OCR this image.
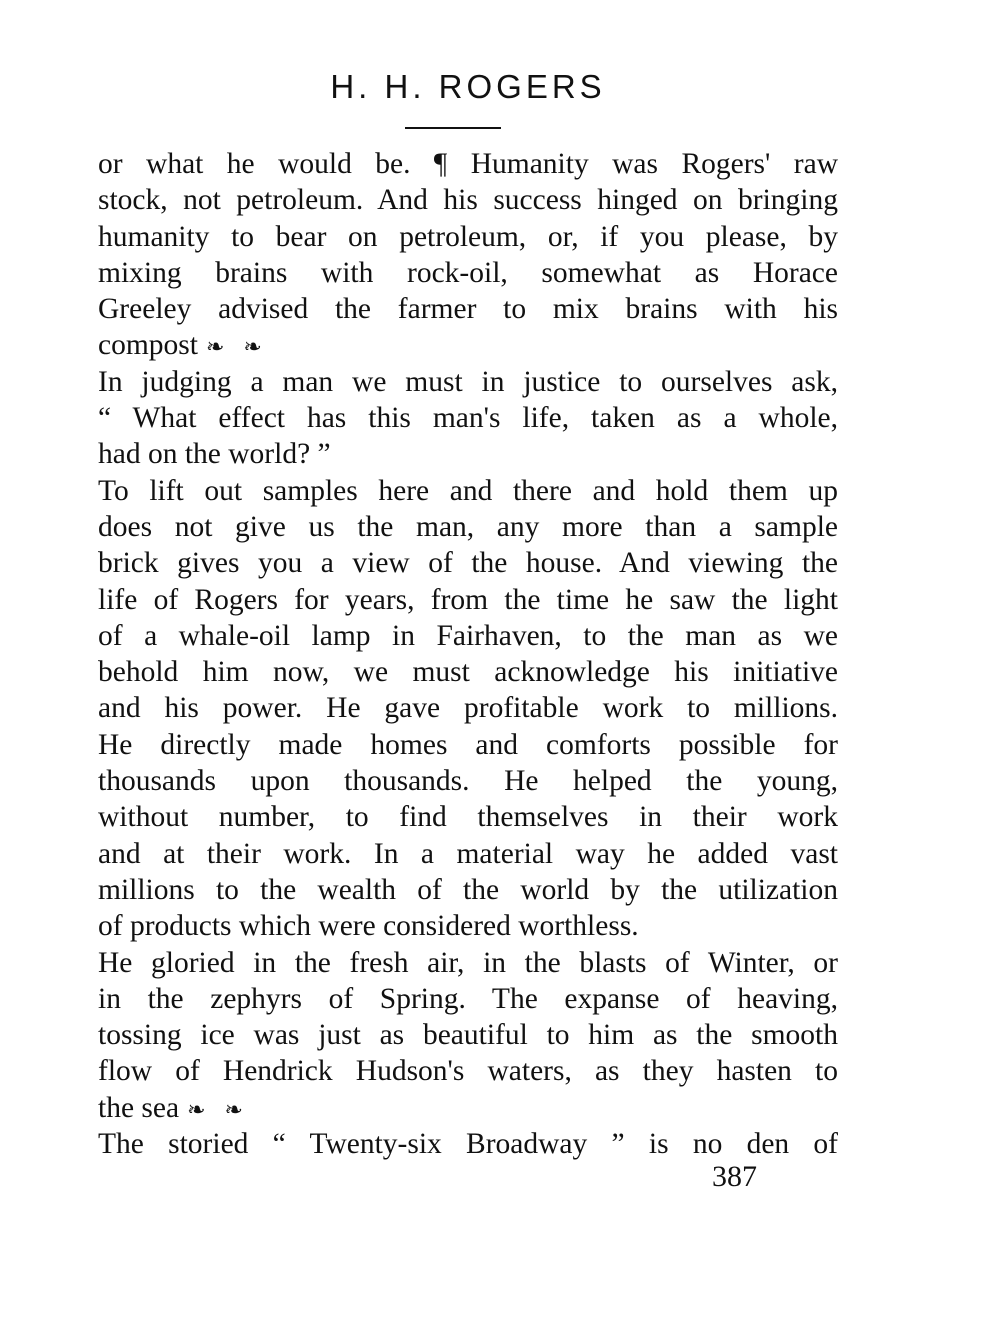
H. H. ROGERS
or what he would be. ¶ Humanity was Rogers' raw
stock, not petroleum. And his success hinged on bringing
humanity to bear on petroleum, or, if you please, by
mixing brains with rock-oil, somewhat as Horace
Greeley advised the farmer to mix brains with his
compost ❧ ❧
In judging a man we must in justice to ourselves ask,
“ What effect has this man's life, taken as a whole,
had on the world? ”
To lift out samples here and there and hold them up
does not give us the man, any more than a sample
brick gives you a view of the house. And viewing the
life of Rogers for years, from the time he saw the light
of a whale-oil lamp in Fairhaven, to the man as we
behold him now, we must acknowledge his initiative
and his power. He gave profitable work to millions.
He directly made homes and comforts possible for
thousands upon thousands. He helped the young,
without number, to find themselves in their work
and at their work. In a material way he added vast
millions to the wealth of the world by the utilization
of products which were considered worthless.
He gloried in the fresh air, in the blasts of Winter, or
in the zephyrs of Spring. The expanse of heaving,
tossing ice was just as beautiful to him as the smooth
flow of Hendrick Hudson's waters, as they hasten to
the sea ❧ ❧
The storied “ Twenty-six Broadway ” is no den of
387
